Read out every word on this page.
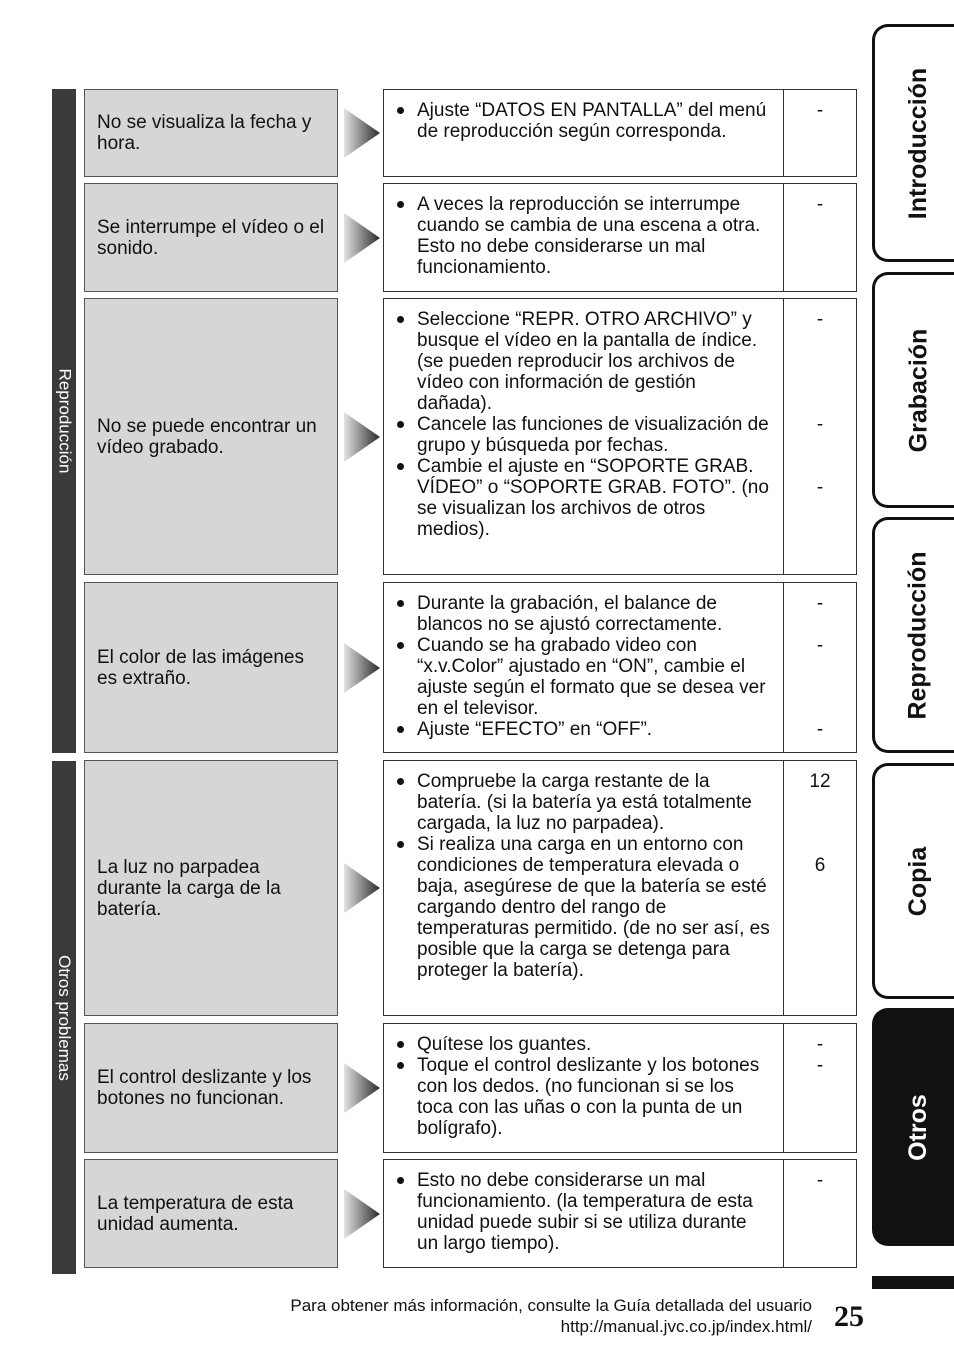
Reproducción
Otros problemas
No se visualiza la fecha y hora.
-
Ajuste “DATOS EN PANTALLA” del menú de reproducción según corresponda.
Se interrumpe el vídeo o el sonido.
-
A veces la reproducción se interrumpe cuando se cambia de una escena a otra. Esto no debe considerarse un mal funcionamiento.
No se puede encontrar un vídeo grabado.
-
-
-
Seleccione “REPR. OTRO ARCHIVO” y busque el vídeo en la pantalla de índice. (se pueden reproducir los archivos de vídeo con información de gestión dañada).
Cancele las funciones de visualización de grupo y búsqueda por fechas.
Cambie el ajuste en “SOPORTE GRAB. VÍDEO” o “SOPORTE GRAB. FOTO”. (no se visualizan los archivos de otros medios).
El color de las imágenes es extraño.
-
-
-
Durante la grabación, el balance de blancos no se ajustó correctamente.
Cuando se ha grabado video con “x.v.Color” ajustado en “ON”, cambie el ajuste según el formato que se desea ver en el televisor.
Ajuste “EFECTO” en “OFF”.
La luz no parpadea durante la carga de la batería.
12
6
Compruebe la carga restante de la batería. (si la batería ya está totalmente cargada, la luz no parpadea).
Si realiza una carga en un entorno con condiciones de temperatura elevada o baja, asegúrese de que la batería se esté cargando dentro del rango de temperaturas permitido. (de no ser así, es posible que la carga se detenga para proteger la batería).
El control deslizante y los botones no funcionan.
-
-
Quítese los guantes.
Toque el control deslizante y los botones con los dedos. (no funcionan si se los toca con las uñas o con la punta de un bolígrafo).
La temperatura de esta unidad aumenta.
-
Esto no debe considerarse un mal funcionamiento. (la temperatura de esta unidad puede subir si se utiliza durante un largo tiempo).
Introducción
Grabación
Reproducción
Copia
Otros
Para obtener más información, consulte la Guía detallada del usuario
http://manual.jvc.co.jp/index.html/ 25
